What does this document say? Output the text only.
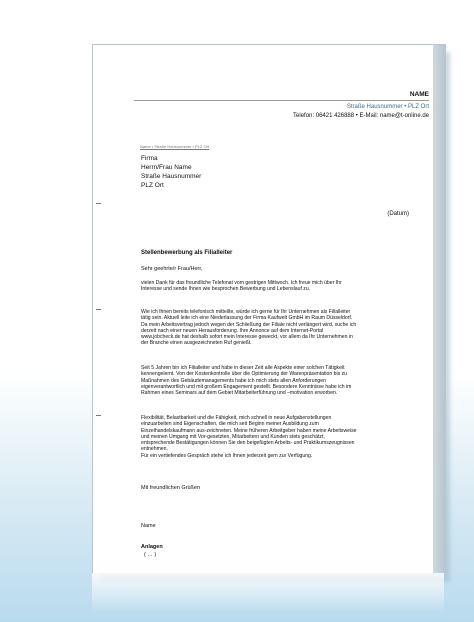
NAME
Straße Hausnummer • PLZ Ort
Telefon: 06421 426888 • E-Mail: name@t-online.de
Name • Straße Hausnummer • PLZ Ort
Firma
Herrn/Frau Name
Straße Hausnummer
PLZ Ort
(Datum)
Stellenbewerbung als Filialleiter
Sehr geehrte/r Frau/Herr,
vielen Dank für das freundliche Telefonat vom gestrigen Mittwoch. Ich freue mich über Ihr
Interesse und sende Ihnen wie besprochen Bewerbung und Lebenslauf zu.
Wie ich Ihnen bereits telefonisch mitteilte, würde ich gerne für Ihr Unternehmen als Filialleiter
tätig sein. Aktuell leite ich eine Niederlassung der Firma Kaufwelt GmbH im Raum Düsseldorf.
Da mein Arbeitsvertrag jedoch wegen der Schließung der Filiale nicht verlängert wird, suche ich
derzeit nach einer neuen Herausforderung. Ihre Annonce auf dem Internet-Portal
www.jobcheck.de hat deshalb sofort mein Interesse geweckt, vor allem da Ihr Unternehmen in
der Branche einen ausgezeichneten Ruf genießt.
Seit 5 Jahren bin ich Filialleiter und habe in dieser Zeit alle Aspekte einer solchen Tätigkeit
kennengelernt. Von der Kostenkontrolle über die Optimierung der Warenpräsentation bis zu
Maßnahmen des Gebäudemanagements habe ich mich stets allen Anforderungen
eigenverantwortlich und mit großem Engagement gestellt. Besondere Kenntnisse habe ich im
Rahmen eines Seminars auf dem Gebiet Mitarbeiterführung und –motivation erworben.
Flexibilität, Belastbarkeit und die Fähigkeit, mich schnell in neue Aufgabenstellungen
einzuarbeiten sind Eigenschaften, die mich seit Beginn meiner Ausbildung zum
Einzelhandelskaufmann aus-zeichneten. Meine früheren Arbeitgeber haben meine Arbeitsweise
und meinen Umgang mit Vor-gesetzten, Mitarbeitern und Kunden stets geschätzt,
entsprechende Bestätigungen können Sie den beigefügten Arbeits- und Praktikumszeugnissen
entnehmen.
Für ein vertiefendes Gespräch stehe ich Ihnen jederzeit gern zur Verfügung.
Mit freundlichen Grüßen
Name
Anlagen
( … )
